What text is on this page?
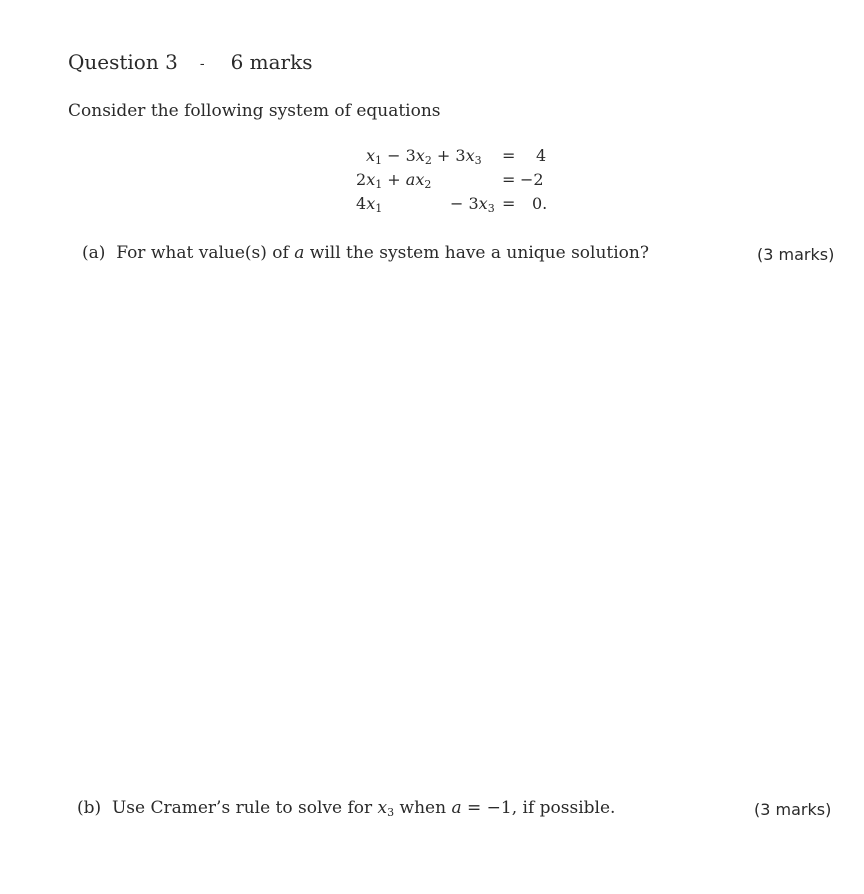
Question 3 - 6 marks
Consider the following system of equations
$x_1 - 3x_2 + 3x_3 = 4$
$2x_1 + ax_2$	= −2
$4x_1$	− $3x_3 = 0$.
(a)  For what value(s) of a will the system have a unique solution?	(3 marks)
(b)  Use Cramer’s rule to solve for $x_3$ when a = −1, if possible.	(3 marks)
